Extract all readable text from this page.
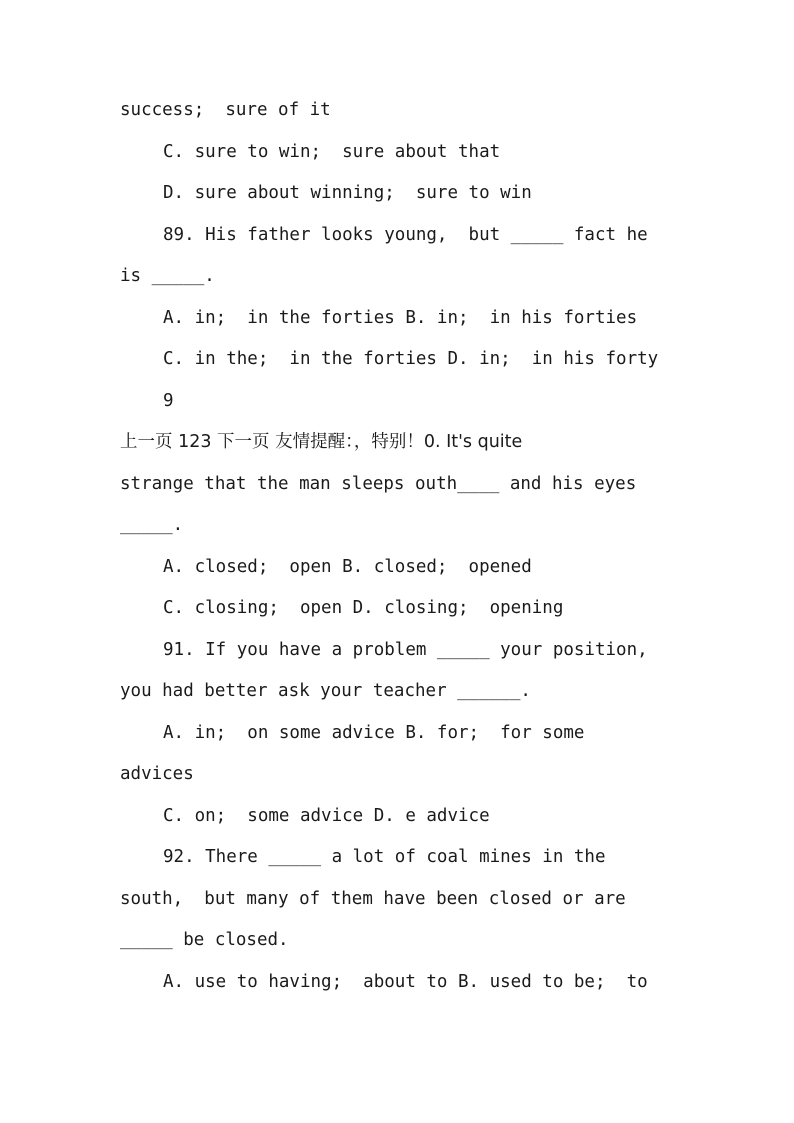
success;  sure of it
C. sure to win;  sure about that
D. sure about winning;  sure to win
89. His father looks young,  but _____ fact he
is _____.
A. in;  in the forties B. in;  in his forties
C. in the;  in the forties D. in;  in his forty
9
上一页 123 下一页 友情提醒：，特别！0. It's quite
strange that the man sleeps outh____ and his eyes
_____.
A. closed;  open B. closed;  opened
C. closing;  open D. closing;  opening
91. If you have a problem _____ your position,
you had better ask your teacher ______.
A. in;  on some advice B. for;  for some
advices
C. on;  some advice D. e advice
92. There _____ a lot of coal mines in the
south,  but many of them have been closed or are
_____ be closed.
A. use to having;  about to B. used to be;  to
